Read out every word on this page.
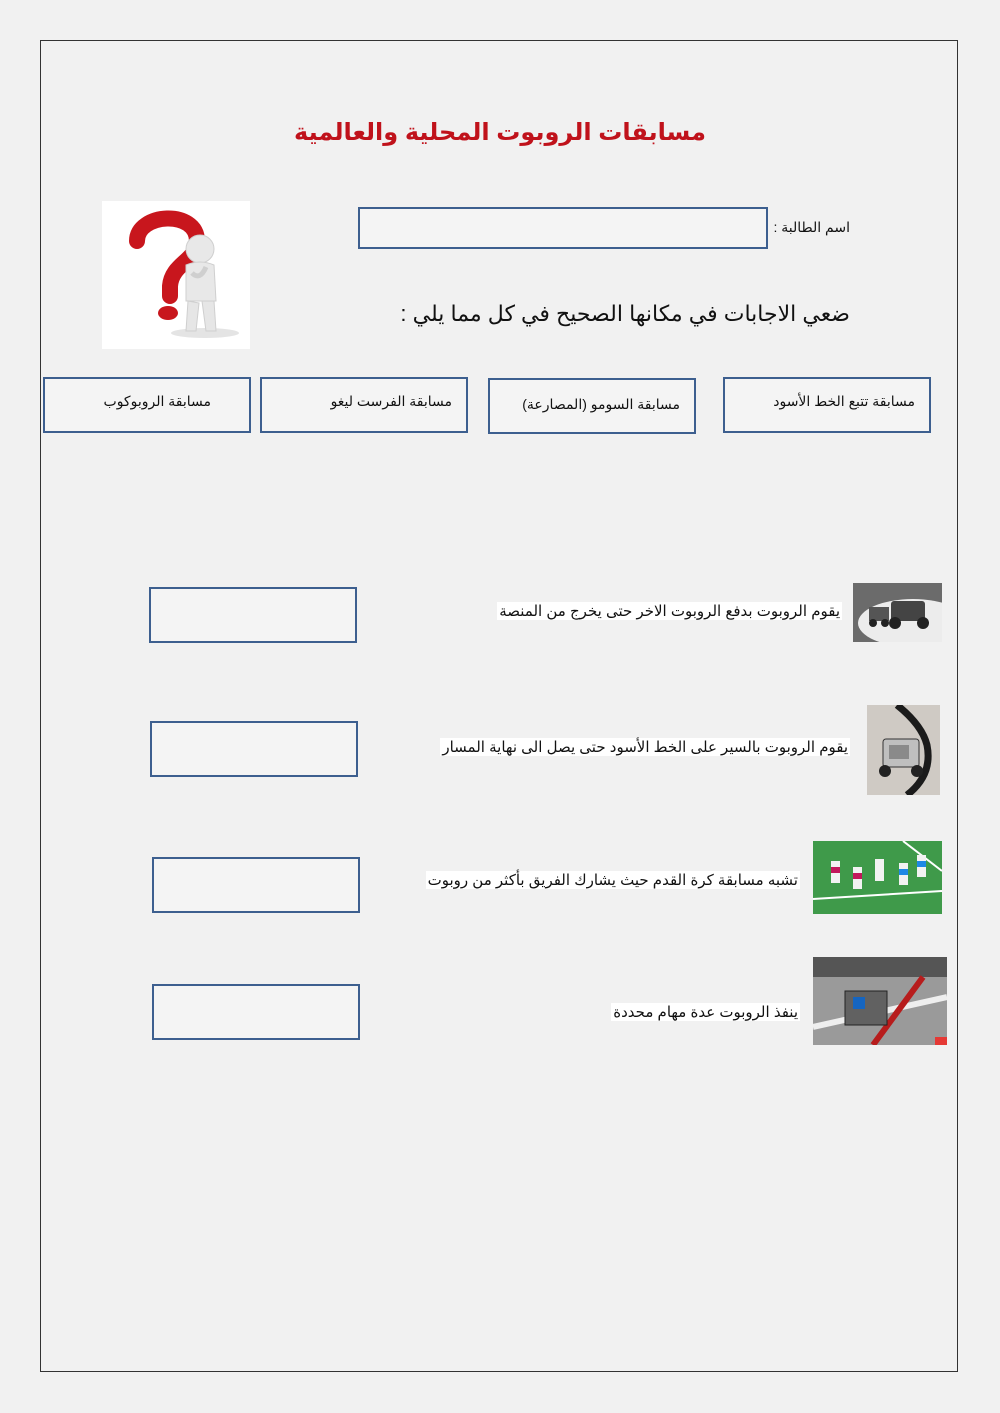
مسابقات الروبوت المحلية والعالمية
اسم الطالبة :
ضعي الاجابات في مكانها الصحيح في كل مما يلي :
مسابقة تتبع الخط الأسود
مسابقة السومو (المصارعة)
مسابقة الفرست ليغو
مسابقة الروبوكوب
يقوم الروبوت بدفع الروبوت الاخر حتى يخرج من المنصة
يقوم الروبوت بالسير على الخط الأسود حتى يصل الى نهاية المسار
تشبه مسابقة كرة القدم حيث يشارك الفريق بأكثر من روبوت
ينفذ الروبوت عدة مهام محددة
